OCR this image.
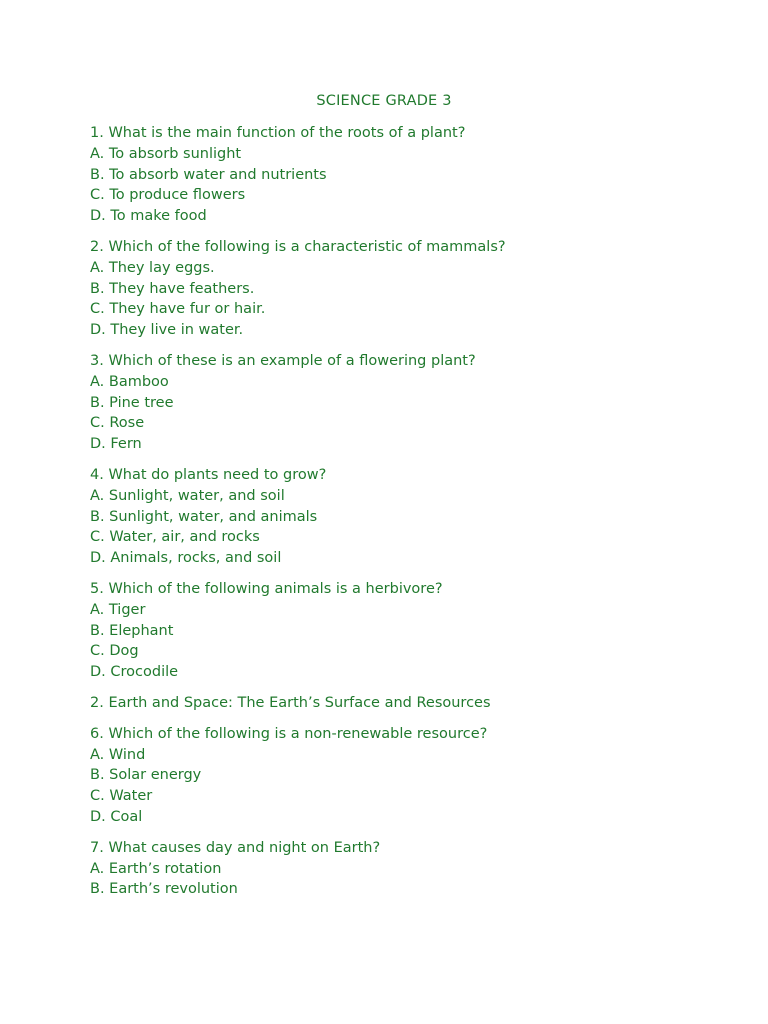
SCIENCE GRADE 3
1. What is the main function of the roots of a plant?
A. To absorb sunlight
B. To absorb water and nutrients
C. To produce flowers
D. To make food
2. Which of the following is a characteristic of mammals?
A. They lay eggs.
B. They have feathers.
C. They have fur or hair.
D. They live in water.
3. Which of these is an example of a flowering plant?
A. Bamboo
B. Pine tree
C. Rose
D. Fern
4. What do plants need to grow?
A. Sunlight, water, and soil
B. Sunlight, water, and animals
C. Water, air, and rocks
D. Animals, rocks, and soil
5. Which of the following animals is a herbivore?
A. Tiger
B. Elephant
C. Dog
D. Crocodile
2. Earth and Space: The Earth’s Surface and Resources
6. Which of the following is a non-renewable resource?
A. Wind
B. Solar energy
C. Water
D. Coal
7. What causes day and night on Earth?
A. Earth’s rotation
B. Earth’s revolution
